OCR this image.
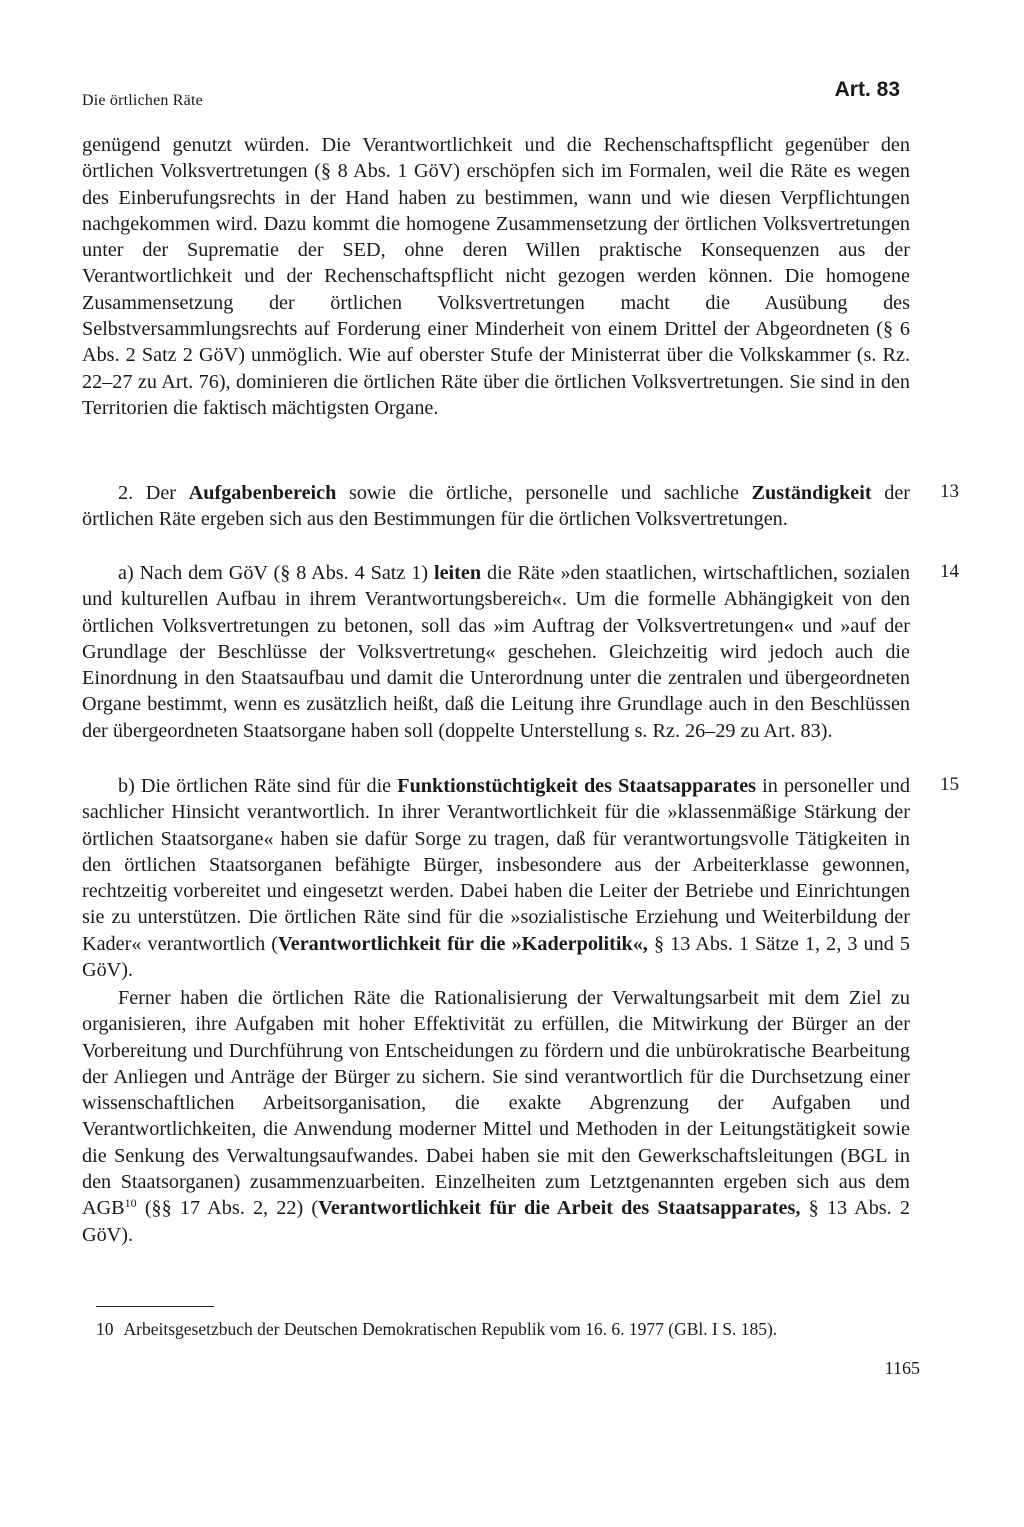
Die örtlichen Räte	Art. 83

genügend genutzt würden. Die Verantwortlichkeit und die Rechenschaftspflicht gegenüber den örtlichen Volksvertretungen (§ 8 Abs. 1 GöV) erschöpfen sich im Formalen, weil die Räte es wegen des Einberufungsrechts in der Hand haben zu bestimmen, wann und wie diesen Verpflichtungen nachgekommen wird. Dazu kommt die homogene Zusammensetzung der örtlichen Volksvertretungen unter der Suprematie der SED, ohne deren Willen praktische Konsequenzen aus der Verantwortlichkeit und der Rechenschaftspflicht nicht gezogen werden können. Die homogene Zusammensetzung der örtlichen Volksvertretungen macht die Ausübung des Selbstversammlungsrechts auf Forderung einer Minderheit von einem Drittel der Abgeordneten (§ 6 Abs. 2 Satz 2 GöV) unmöglich. Wie auf oberster Stufe der Ministerrat über die Volkskammer (s. Rz. 22–27 zu Art. 76), dominieren die örtlichen Räte über die örtlichen Volksvertretungen. Sie sind in den Territorien die faktisch mächtigsten Organe.

13

2. Der Aufgabenbereich sowie die örtliche, personelle und sachliche Zuständigkeit der örtlichen Räte ergeben sich aus den Bestimmungen für die örtlichen Volksvertretungen.

14

a) Nach dem GöV (§ 8 Abs. 4 Satz 1) leiten die Räte »den staatlichen, wirtschaftlichen, sozialen und kulturellen Aufbau in ihrem Verantwortungsbereich«. Um die formelle Abhängigkeit von den örtlichen Volksvertretungen zu betonen, soll das »im Auftrag der Volksvertretungen« und »auf der Grundlage der Beschlüsse der Volksvertretung« geschehen. Gleichzeitig wird jedoch auch die Einordnung in den Staatsaufbau und damit die Unterordnung unter die zentralen und übergeordneten Organe bestimmt, wenn es zusätzlich heißt, daß die Leitung ihre Grundlage auch in den Beschlüssen der übergeordneten Staatsorgane haben soll (doppelte Unterstellung s. Rz. 26–29 zu Art. 83).

15

b) Die örtlichen Räte sind für die Funktionstüchtigkeit des Staatsapparates in personeller und sachlicher Hinsicht verantwortlich. In ihrer Verantwortlichkeit für die »klassenmäßige Stärkung der örtlichen Staatsorgane« haben sie dafür Sorge zu tragen, daß für verantwortungsvolle Tätigkeiten in den örtlichen Staatsorganen befähigte Bürger, insbesondere aus der Arbeiterklasse gewonnen, rechtzeitig vorbereitet und eingesetzt werden. Dabei haben die Leiter der Betriebe und Einrichtungen sie zu unterstützen. Die örtlichen Räte sind für die »sozialistische Erziehung und Weiterbildung der Kader« verantwortlich (Verantwortlichkeit für die »Kaderpolitik«, § 13 Abs. 1 Sätze 1, 2, 3 und 5 GöV).

Ferner haben die örtlichen Räte die Rationalisierung der Verwaltungsarbeit mit dem Ziel zu organisieren, ihre Aufgaben mit hoher Effektivität zu erfüllen, die Mitwirkung der Bürger an der Vorbereitung und Durchführung von Entscheidungen zu fördern und die unbürokratische Bearbeitung der Anliegen und Anträge der Bürger zu sichern. Sie sind verantwortlich für die Durchsetzung einer wissenschaftlichen Arbeitsorganisation, die exakte Abgrenzung der Aufgaben und Verantwortlichkeiten, die Anwendung moderner Mittel und Methoden in der Leitungstätigkeit sowie die Senkung des Verwaltungsaufwandes. Dabei haben sie mit den Gewerkschaftsleitungen (BGL in den Staatsorganen) zusammenzuarbeiten. Einzelheiten zum Letztgenannten ergeben sich aus dem AGB$^{10}$ (§§ 17 Abs. 2, 22) (Verantwortlichkeit für die Arbeit des Staatsapparates, § 13 Abs. 2 GöV).

10 Arbeitsgesetzbuch der Deutschen Demokratischen Republik vom 16. 6. 1977 (GBl. I S. 185).
1165
